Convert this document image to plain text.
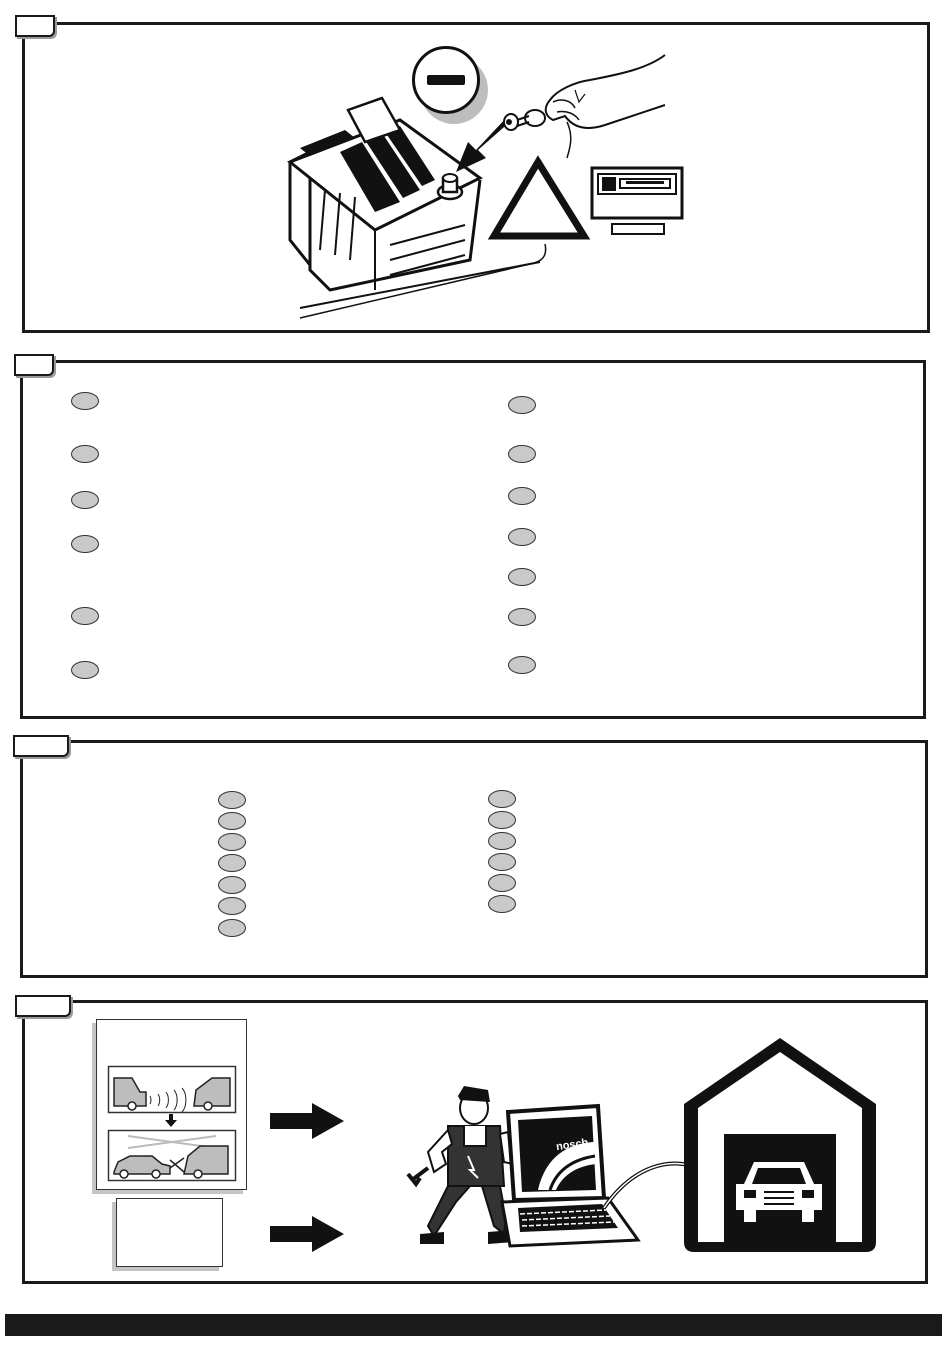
nosch
